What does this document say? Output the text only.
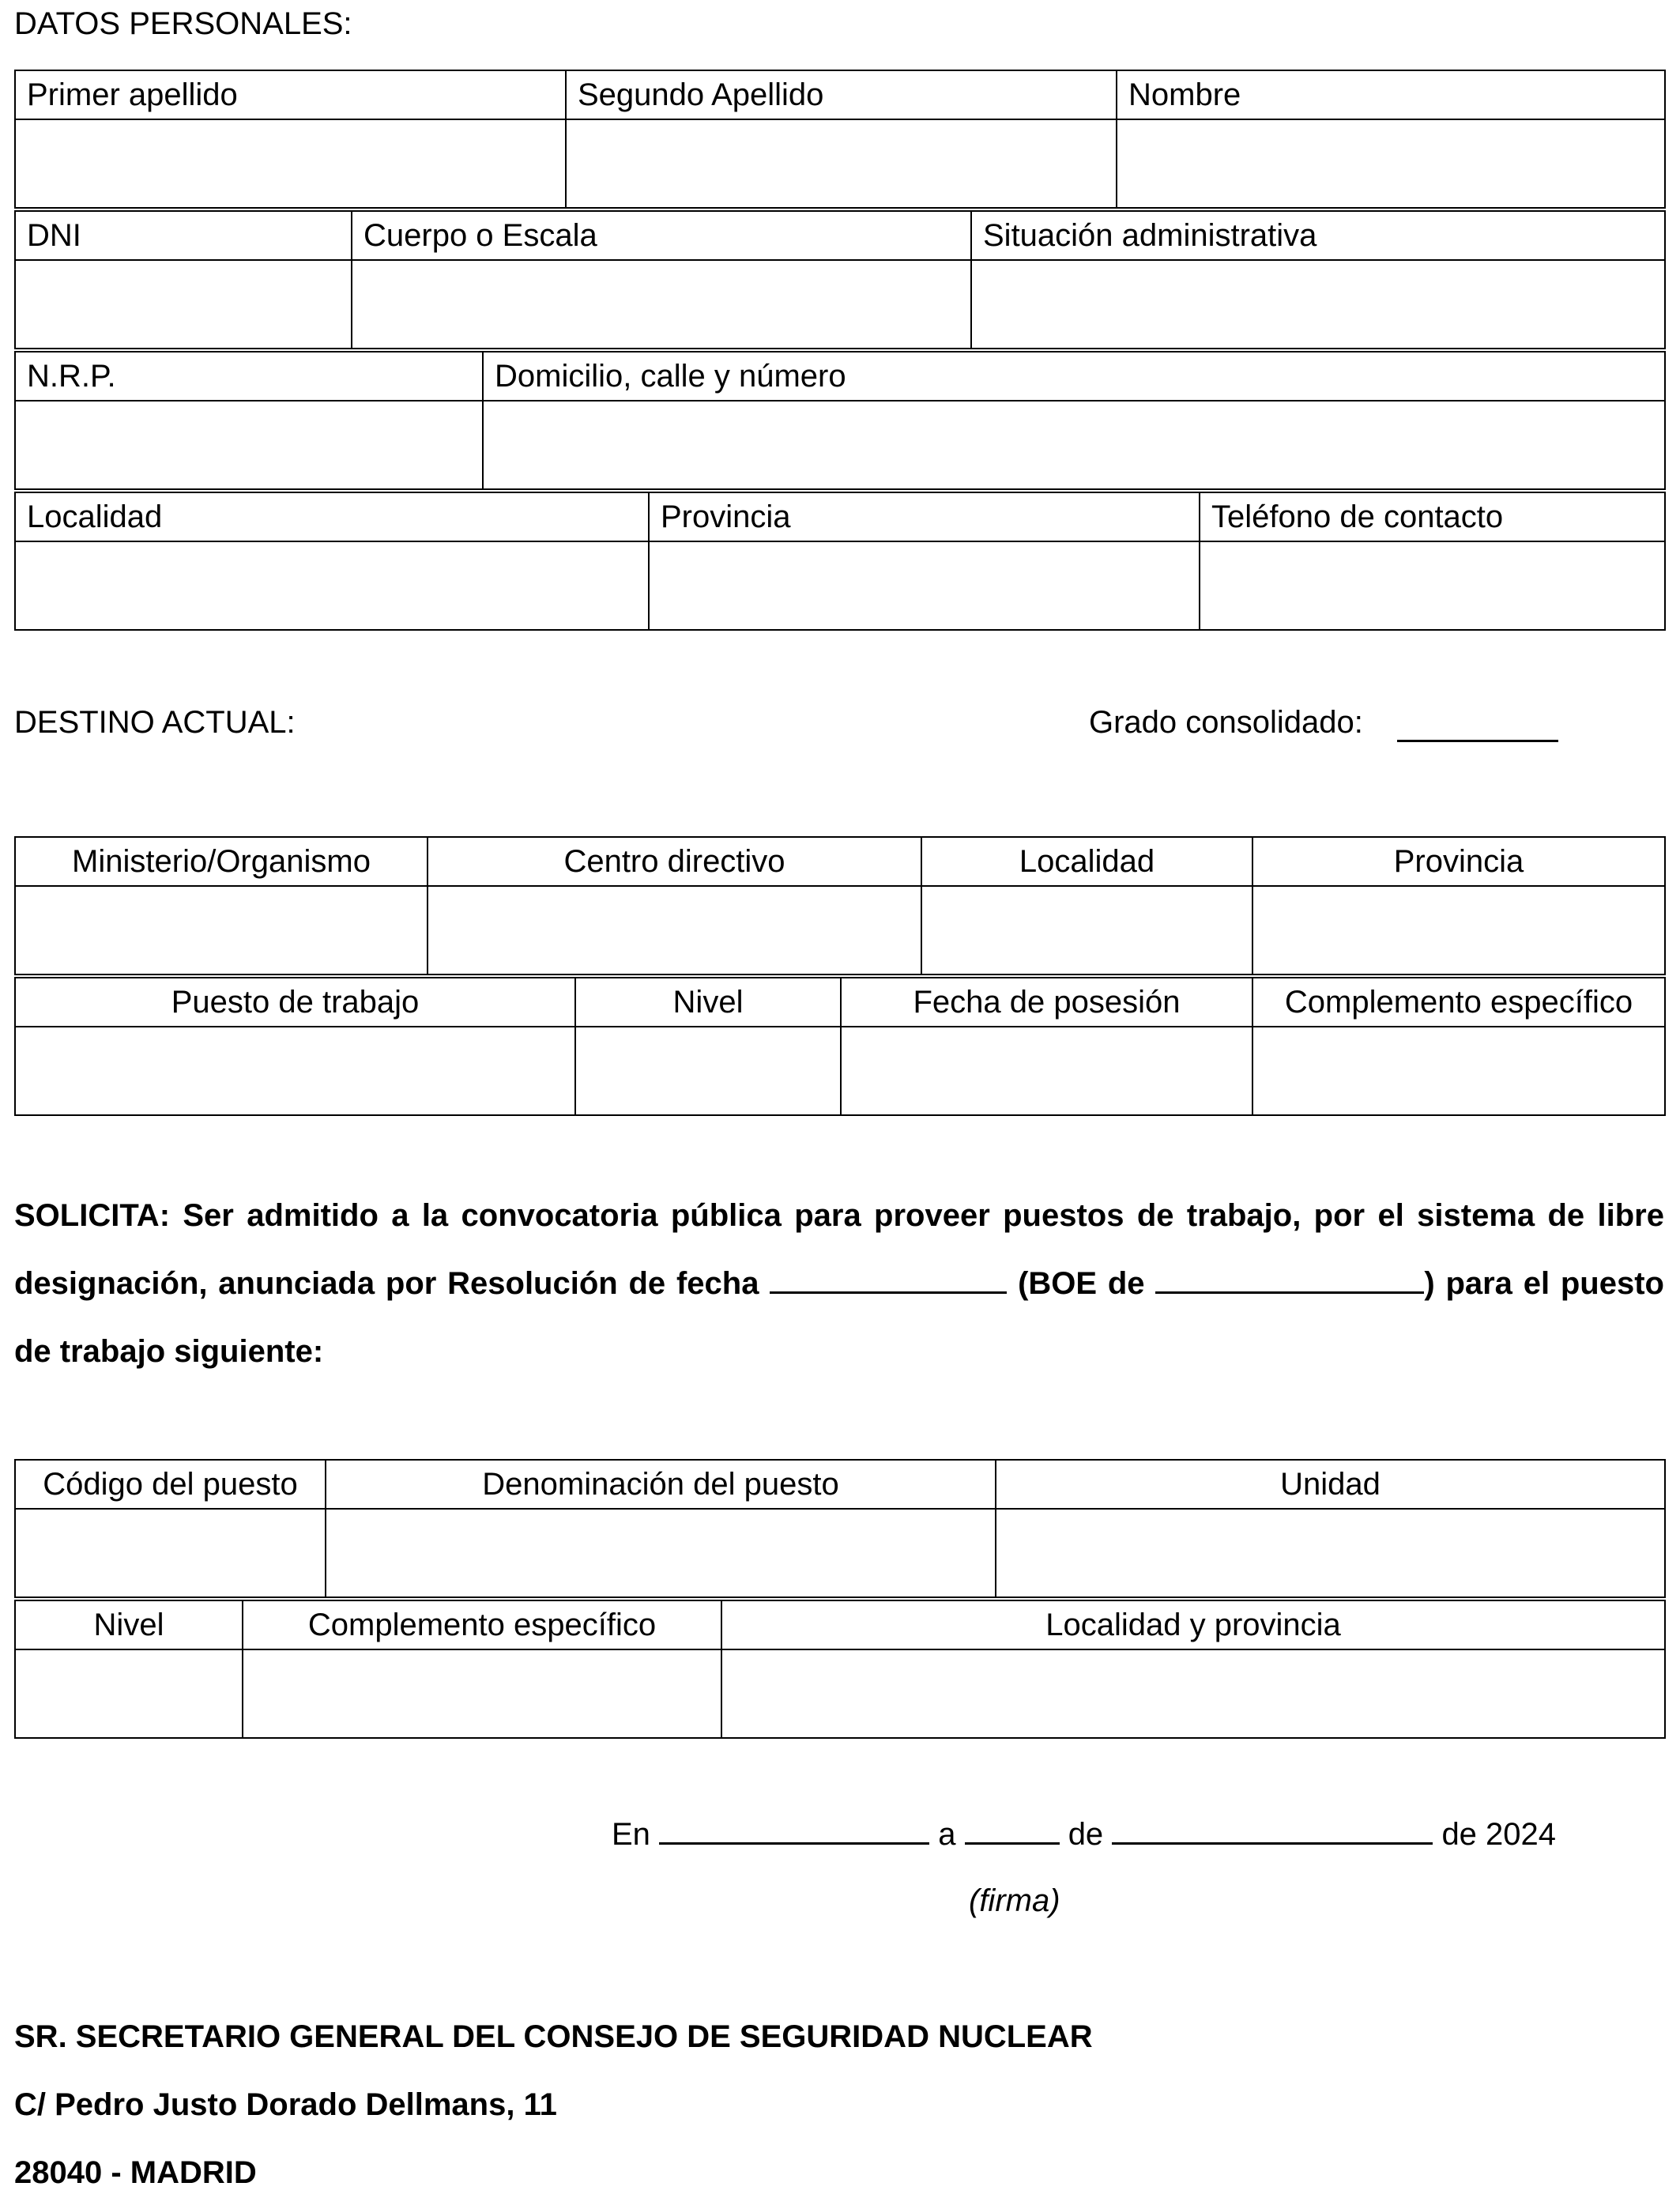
DATOS PERSONALES:
Primer apellido	Segundo Apellido	Nombre

DNI	Cuerpo o Escala	Situación administrativa

N.R.P.	Domicilio, calle y número

Localidad	Provincia	Teléfono de contacto

DESTINO ACTUAL:	Grado consolidado:
Ministerio/Organismo	Centro directivo	Localidad	Provincia

Puesto de trabajo	Nivel	Fecha de posesión	Complemento específico

SOLICITA: Ser admitido a la convocatoria pública para proveer puestos de trabajo, por el sistema de libre designación, anunciada por Resolución de fecha	(BOE de	) para el puesto de trabajo siguiente:
Código del puesto	Denominación del puesto	Unidad

Nivel	Complemento específico	Localidad y provincia

En	a	de	de 2024
(firma)
SR. SECRETARIO GENERAL DEL CONSEJO DE SEGURIDAD NUCLEAR
C/ Pedro Justo Dorado Dellmans, 11
28040 - MADRID
